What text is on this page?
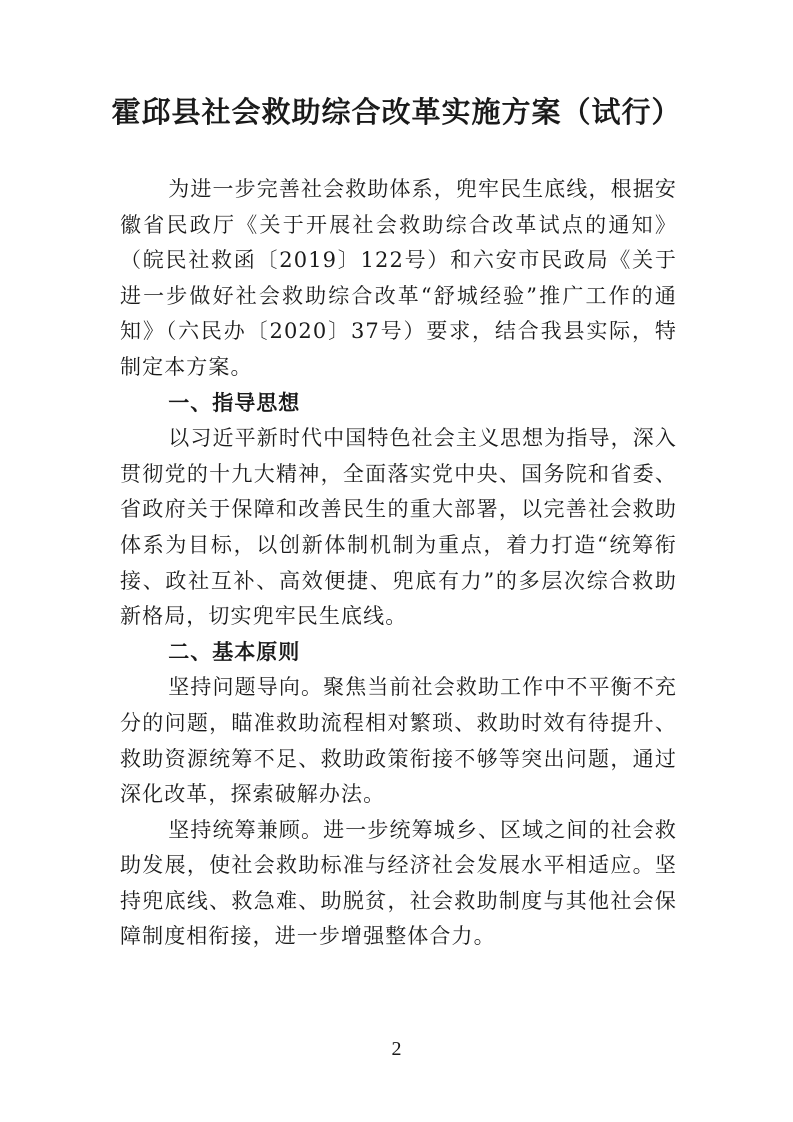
霍邱县社会救助综合改革实施方案（试行）

为进一步完善社会救助体系，兜牢民生底线，根据安徽省民政厅《关于开展社会救助综合改革试点的通知》（皖民社救函〔2019〕122号）和六安市民政局《关于进一步做好社会救助综合改革“舒城经验”推广工作的通知》（六民办〔2020〕37号）要求，结合我县实际，特制定本方案。

一、指导思想

以习近平新时代中国特色社会主义思想为指导，深入贯彻党的十九大精神，全面落实党中央、国务院和省委、省政府关于保障和改善民生的重大部署，以完善社会救助体系为目标，以创新体制机制为重点，着力打造“统筹衔接、政社互补、高效便捷、兜底有力”的多层次综合救助新格局，切实兜牢民生底线。

二、基本原则

坚持问题导向。聚焦当前社会救助工作中不平衡不充分的问题，瞄准救助流程相对繁琐、救助时效有待提升、救助资源统筹不足、救助政策衔接不够等突出问题，通过深化改革，探索破解办法。

坚持统筹兼顾。进一步统筹城乡、区域之间的社会救助发展，使社会救助标准与经济社会发展水平相适应。坚持兜底线、救急难、助脱贫，社会救助制度与其他社会保障制度相衔接，进一步增强整体合力。

2
